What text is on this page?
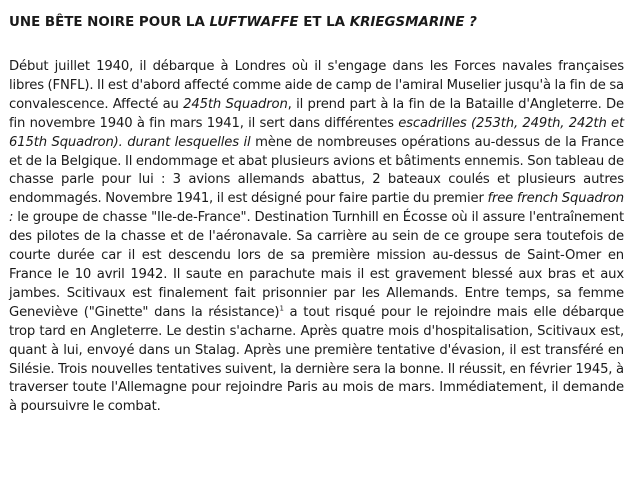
UNE BÊTE NOIRE POUR LA LUFTWAFFE ET LA KRIEGSMARINE ?

Début juillet 1940, il débarque à Londres où il s'engage dans les Forces navales françaises libres (FNFL). Il est d'abord affecté comme aide de camp de l'amiral Muselier jusqu'à la fin de sa convalescence. Affecté au 245th Squadron, il prend part à la fin de la Bataille d'Angleterre. De fin novembre 1940 à fin mars 1941, il sert dans différentes escadrilles (253th, 249th, 242th et 615th Squadron). durant lesquelles il mène de nombreuses opérations au-dessus de la France et de la Belgique. Il endommage et abat plusieurs avions et bâtiments ennemis. Son tableau de chasse parle pour lui : 3 avions allemands abattus, 2 bateaux coulés et plusieurs autres endommagés. Novembre 1941, il est désigné pour faire partie du premier free french Squadron : le groupe de chasse "Ile-de-France". Destination Turnhill en Écosse où il assure l'entraînement des pilotes de la chasse et de l'aéronavale. Sa carrière au sein de ce groupe sera toutefois de courte durée car il est descendu lors de sa première mission au-dessus de Saint-Omer en France le 10 avril 1942. Il saute en parachute mais il est gravement blessé aux bras et aux jambes. Scitivaux est finalement fait prisonnier par les Allemands. Entre temps, sa femme Geneviève ("Ginette" dans la résistance)$^1$ a tout risqué pour le rejoindre mais elle débarque trop tard en Angleterre. Le destin s'acharne. Après quatre mois d'hospitalisation, Scitivaux est, quant à lui, envoyé dans un Stalag. Après une première tentative d'évasion, il est transféré en Silésie. Trois nouvelles tentatives suivent, la dernière sera la bonne. Il réussit, en février 1945, à traverser toute l'Allemagne pour rejoindre Paris au mois de mars. Immédiatement, il demande à poursuivre le combat.
